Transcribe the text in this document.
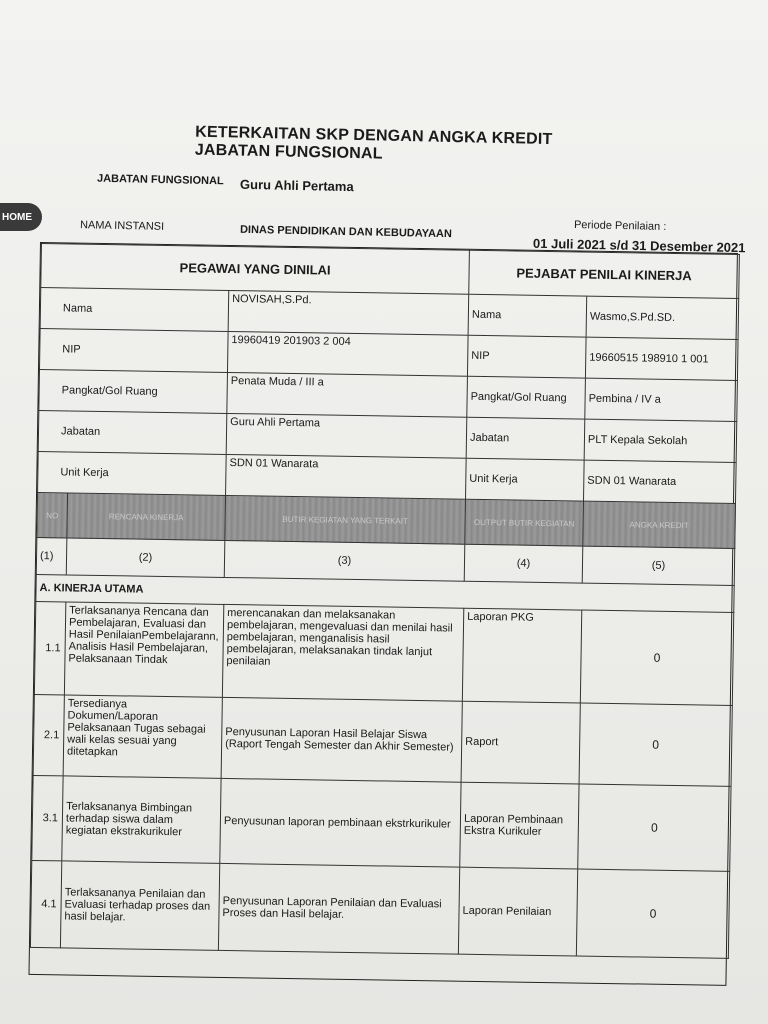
HOME
KETERKAITAN SKP DENGAN ANGKA KREDIT JABATAN FUNGSIONAL
JABATAN FUNGSIONAL Guru Ahli Pertama
NAMA INSTANSI	DINAS PENDIDIKAN DAN KEBUDAYAAN	Periode Penilaian :
01 Juli 2021 s/d 31 Desember 2021
PEGAWAI YANG DINILAI			PEJABAT PENILAI KINERJA	
Nama		NOVISAH,S.Pd.	Nama	Wasmo,S.Pd.SD.
NIP		19960419 201903 2 004	NIP	19660515 198910 1 001
Pangkat/Gol Ruang		Penata Muda / III a	Pangkat/Gol Ruang	Pembina / IV a
Jabatan		Guru Ahli Pertama	Jabatan	PLT Kepala Sekolah
Unit Kerja		SDN 01 Wanarata	Unit Kerja	SDN 01 Wanarata
NO	RENCANA KINERJA	BUTIR KEGIATAN YANG TERKAIT	OUTPUT BUTIR KEGIATAN	ANGKA KREDIT
(1)	(2)	(3)	(4)	(5)
A. KINERJA UTAMA				
1.1	Terlaksananya Rencana dan Pembelajaran, Evaluasi dan Hasil PenilaianPembelajarann, Analisis Hasil Pembelajaran, Pelaksanaan Tindak	merencanakan dan melaksanakan pembelajaran, mengevaluasi dan menilai hasil pembelajaran, menganalisis hasil pembelajaran, melaksanakan tindak lanjut penilaian	Laporan PKG	0
2.1	Tersedianya Dokumen/Laporan Pelaksanaan Tugas sebagai wali kelas sesuai yang ditetapkan	Penyusunan Laporan Hasil Belajar Siswa (Raport Tengah Semester dan Akhir Semester)	Raport	0
3.1	Terlaksananya Bimbingan terhadap siswa dalam kegiatan ekstrakurikuler	Penyusunan laporan pembinaan ekstrkurikuler	Laporan Pembinaan Ekstra Kurikuler	0
4.1	Terlaksananya Penilaian dan Evaluasi terhadap proses dan hasil belajar.	Penyusunan Laporan Penilaian dan Evaluasi Proses dan Hasil belajar.	Laporan Penilaian	0
